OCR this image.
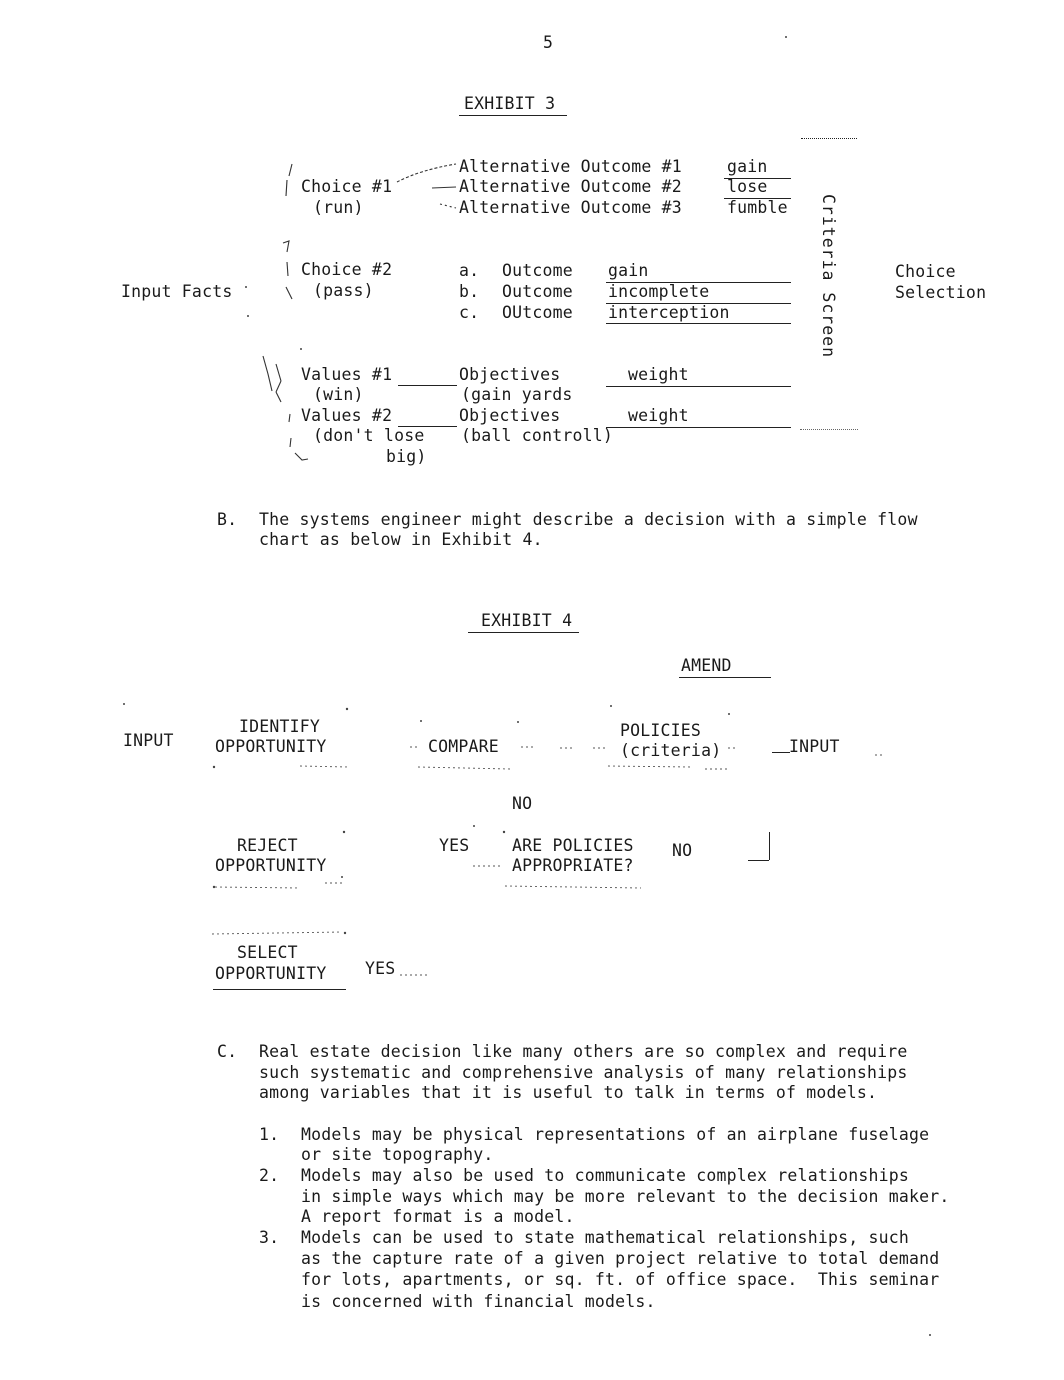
5
EXHIBIT 3
Choice #1
(run)
Alternative Outcome #1
Alternative Outcome #2
Alternative Outcome #3
gain
lose
fumble
Input Facts
Choice #2
(pass)
a. Outcome gain
b. Outcome incomplete
c. OUtcome interception
Values #1
(win)
Objectives
(gain yards
weight
Values #2
(don't lose
big)
Objectives
(ball controll)
weight
Criteria Screen	Choice
Selection
B. The systems engineer might describe a decision with a simple flow
chart as below in Exhibit 4.
EXHIBIT 4
AMEND
INPUT
IDENTIFY
OPPORTUNITY	COMPARE
POLICIES
(criteria)	INPUT
NO
REJECT
OPPORTUNITY
YES	ARE POLICIES
APPROPRIATE?
NO
SELECT
OPPORTUNITY YES
C. Real estate decision like many others are so complex and require
such systematic and comprehensive analysis of many relationships
among variables that it is useful to talk in terms of models.
1. Models may be physical representations of an airplane fuselage
or site topography.
2. Models may also be used to communicate complex relationships
in simple ways which may be more relevant to the decision maker.
A report format is a model.
3. Models can be used to state mathematical relationships, such
as the capture rate of a given project relative to total demand
for lots, apartments, or sq. ft. of office space.  This seminar
is concerned with financial models.
